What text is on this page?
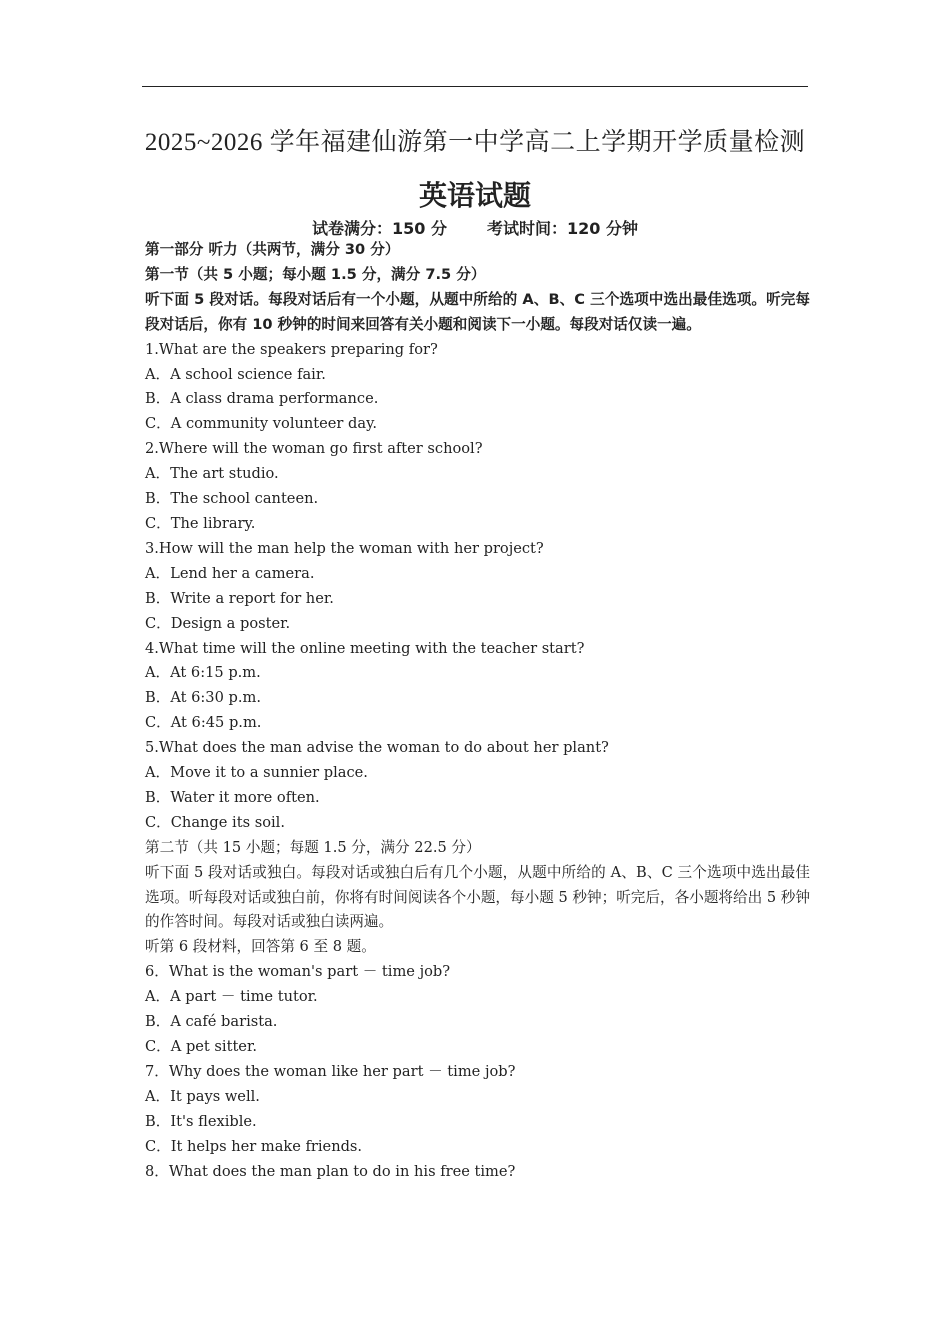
2025~2026 学年福建仙游第一中学高二上学期开学质量检测
英语试题
试卷满分：150 分	考试时间：120 分钟
第一部分 听力（共两节，满分 30 分）
第一节（共 5 小题；每小题 1.5 分，满分 7.5 分）
听下面 5 段对话。每段对话后有一个小题，从题中所给的 A、B、C 三个选项中选出最佳选项。听完每段对话后，你有 10 秒钟的时间来回答有关小题和阅读下一小题。每段对话仅读一遍。
1.What are the speakers preparing for?
A．A school science fair.
B．A class drama performance.
C．A community volunteer day.
2.Where will the woman go first after school?
A．The art studio.
B．The school canteen.
C．The library.
3.How will the man help the woman with her project?
A．Lend her a camera.
B．Write a report for her.
C．Design a poster.
4.What time will the online meeting with the teacher start?
A．At 6:15 p.m.
B．At 6:30 p.m.
C．At 6:45 p.m.
5.What does the man advise the woman to do about her plant?
A．Move it to a sunnier place.
B．Water it more often.
C．Change its soil.
第二节（共 15 小题；每题 1.5 分，满分 22.5 分）
听下面 5 段对话或独白。每段对话或独白后有几个小题，从题中所给的 A、B、C 三个选项中选出最佳选项。听每段对话或独白前，你将有时间阅读各个小题，每小题 5 秒钟；听完后，各小题将给出 5 秒钟的作答时间。每段对话或独白读两遍。
听第 6 段材料，回答第 6 至 8 题。
6．What is the woman's part － time job?
A．A part － time tutor.
B．A café barista.
C．A pet sitter.
7．Why does the woman like her part － time job?
A．It pays well.
B．It's flexible.
C．It helps her make friends.
8．What does the man plan to do in his free time?
